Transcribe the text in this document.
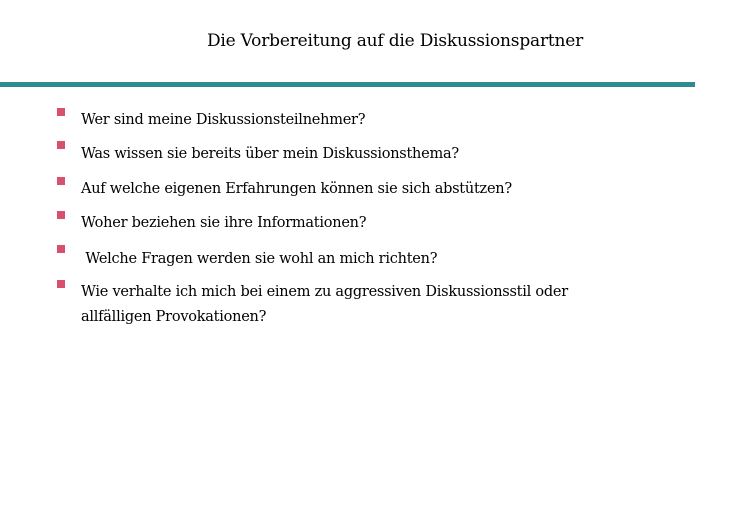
Die Vorbereitung auf die Diskussionspartner
Wer sind meine Diskussionsteilnehmer?
Was wissen sie bereits über mein Diskussionsthema?
Auf welche eigenen Erfahrungen können sie sich abstützen?
Woher beziehen sie ihre Informationen?
Welche Fragen werden sie wohl an mich richten?
Wie verhalte ich mich bei einem zu aggressiven Diskussionsstil oder allfälligen Provokationen?
